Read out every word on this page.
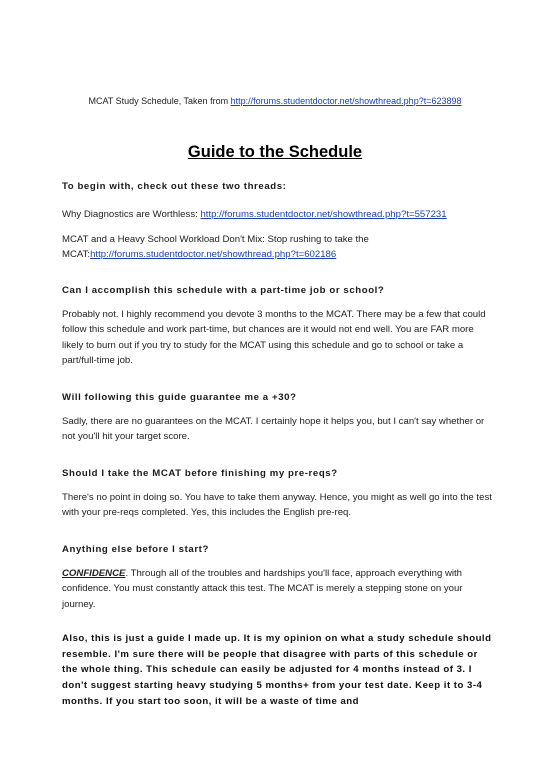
MCAT Study Schedule, Taken from http://forums.studentdoctor.net/showthread.php?t=623898
Guide to the Schedule

To begin with, check out these two threads:

Why Diagnostics are Worthless: http://forums.studentdoctor.net/showthread.php?t=557231

MCAT and a Heavy School Workload Don't Mix: Stop rushing to take the
MCAT:http://forums.studentdoctor.net/showthread.php?t=602186

Can I accomplish this schedule with a part-time job or school?

Probably not. I highly recommend you devote 3 months to the MCAT. There may be a few that could follow this schedule and work part-time, but chances are it would not end well. You are FAR more likely to burn out if you try to study for the MCAT using this schedule and go to school or take a part/full-time job.

Will following this guide guarantee me a +30?

Sadly, there are no guarantees on the MCAT. I certainly hope it helps you, but I can't say whether or not you'll hit your target score.

Should I take the MCAT before finishing my pre-reqs?

There's no point in doing so. You have to take them anyway. Hence, you might as well go into the test with your pre-reqs completed. Yes, this includes the English pre-req.

Anything else before I start?

CONFIDENCE. Through all of the troubles and hardships you'll face, approach everything with confidence. You must constantly attack this test. The MCAT is merely a stepping stone on your journey.

Also, this is just a guide I made up. It is my opinion on what a study schedule should resemble. I'm sure there will be people that disagree with parts of this schedule or the whole thing. This schedule can easily be adjusted for 4 months instead of 3. I don't suggest starting heavy studying 5 months+ from your test date. Keep it to 3-4 months. If you start too soon, it will be a waste of time and
